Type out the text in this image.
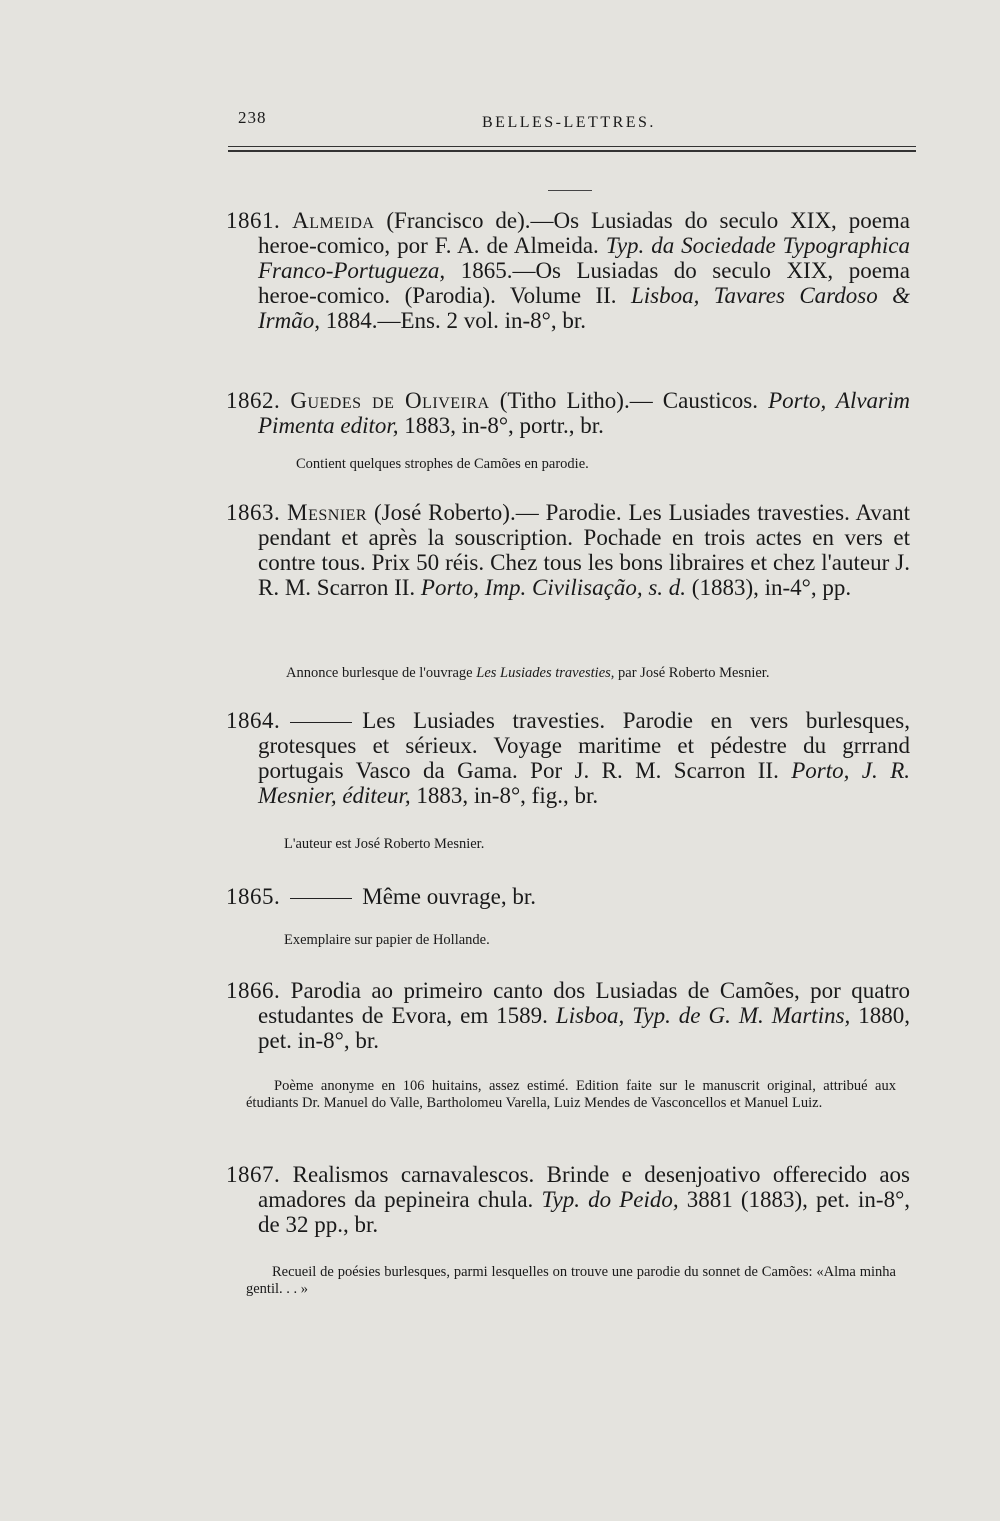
238	BELLES-LETTRES.

1861. Almeida (Francisco de).—Os Lusiadas do seculo XIX, poema heroe-comico, por F. A. de Almeida. Typ. da Sociedade Typographica Franco-Portugueza, 1865.—Os Lusiadas do seculo XIX, poema heroe-comico. (Parodia). Volume II. Lisboa, Tavares Cardoso & Irmão, 1884.—Ens. 2 vol. in-8°, br.

1862. Guedes de Oliveira (Titho Litho).— Causticos. Porto, Alvarim Pimenta editor, 1883, in-8°, portr., br.

Contient quelques strophes de Camões en parodie.

1863. Mesnier (José Roberto).— Parodie. Les Lusiades travesties. Avant pendant et après la souscription. Pochade en trois actes en vers et contre tous. Prix 50 réis. Chez tous les bons libraires et chez l'auteur J. R. M. Scarron II. Porto, Imp. Civilisação, s. d. (1883), in-4°, pp.

Annonce burlesque de l'ouvrage Les Lusiades travesties, par José Roberto Mesnier.

1864.	Les Lusiades travesties. Parodie en vers burlesques, grotesques et sérieux. Voyage maritime et pédestre du grrrand portugais Vasco da Gama. Por J. R. M. Scarron II. Porto, J. R. Mesnier, éditeur, 1883, in-8°, fig., br.

L'auteur est José Roberto Mesnier.

1865.	Même ouvrage, br.

Exemplaire sur papier de Hollande.

1866. Parodia ao primeiro canto dos Lusiadas de Camões, por quatro estudantes de Evora, em 1589. Lisboa, Typ. de G. M. Martins, 1880, pet. in-8°, br.

Poème anonyme en 106 huitains, assez estimé. Edition faite sur le manuscrit original, attribué aux étudiants Dr. Manuel do Valle, Bartholomeu Varella, Luiz Mendes de Vasconcellos et Manuel Luiz.

1867. Realismos carnavalescos. Brinde e desenjoativo offerecido aos amadores da pepineira chula. Typ. do Peido, 3881 (1883), pet. in-8°, de 32 pp., br.

Recueil de poésies burlesques, parmi lesquelles on trouve une parodie du sonnet de Camões: «Alma minha gentil. . . »
